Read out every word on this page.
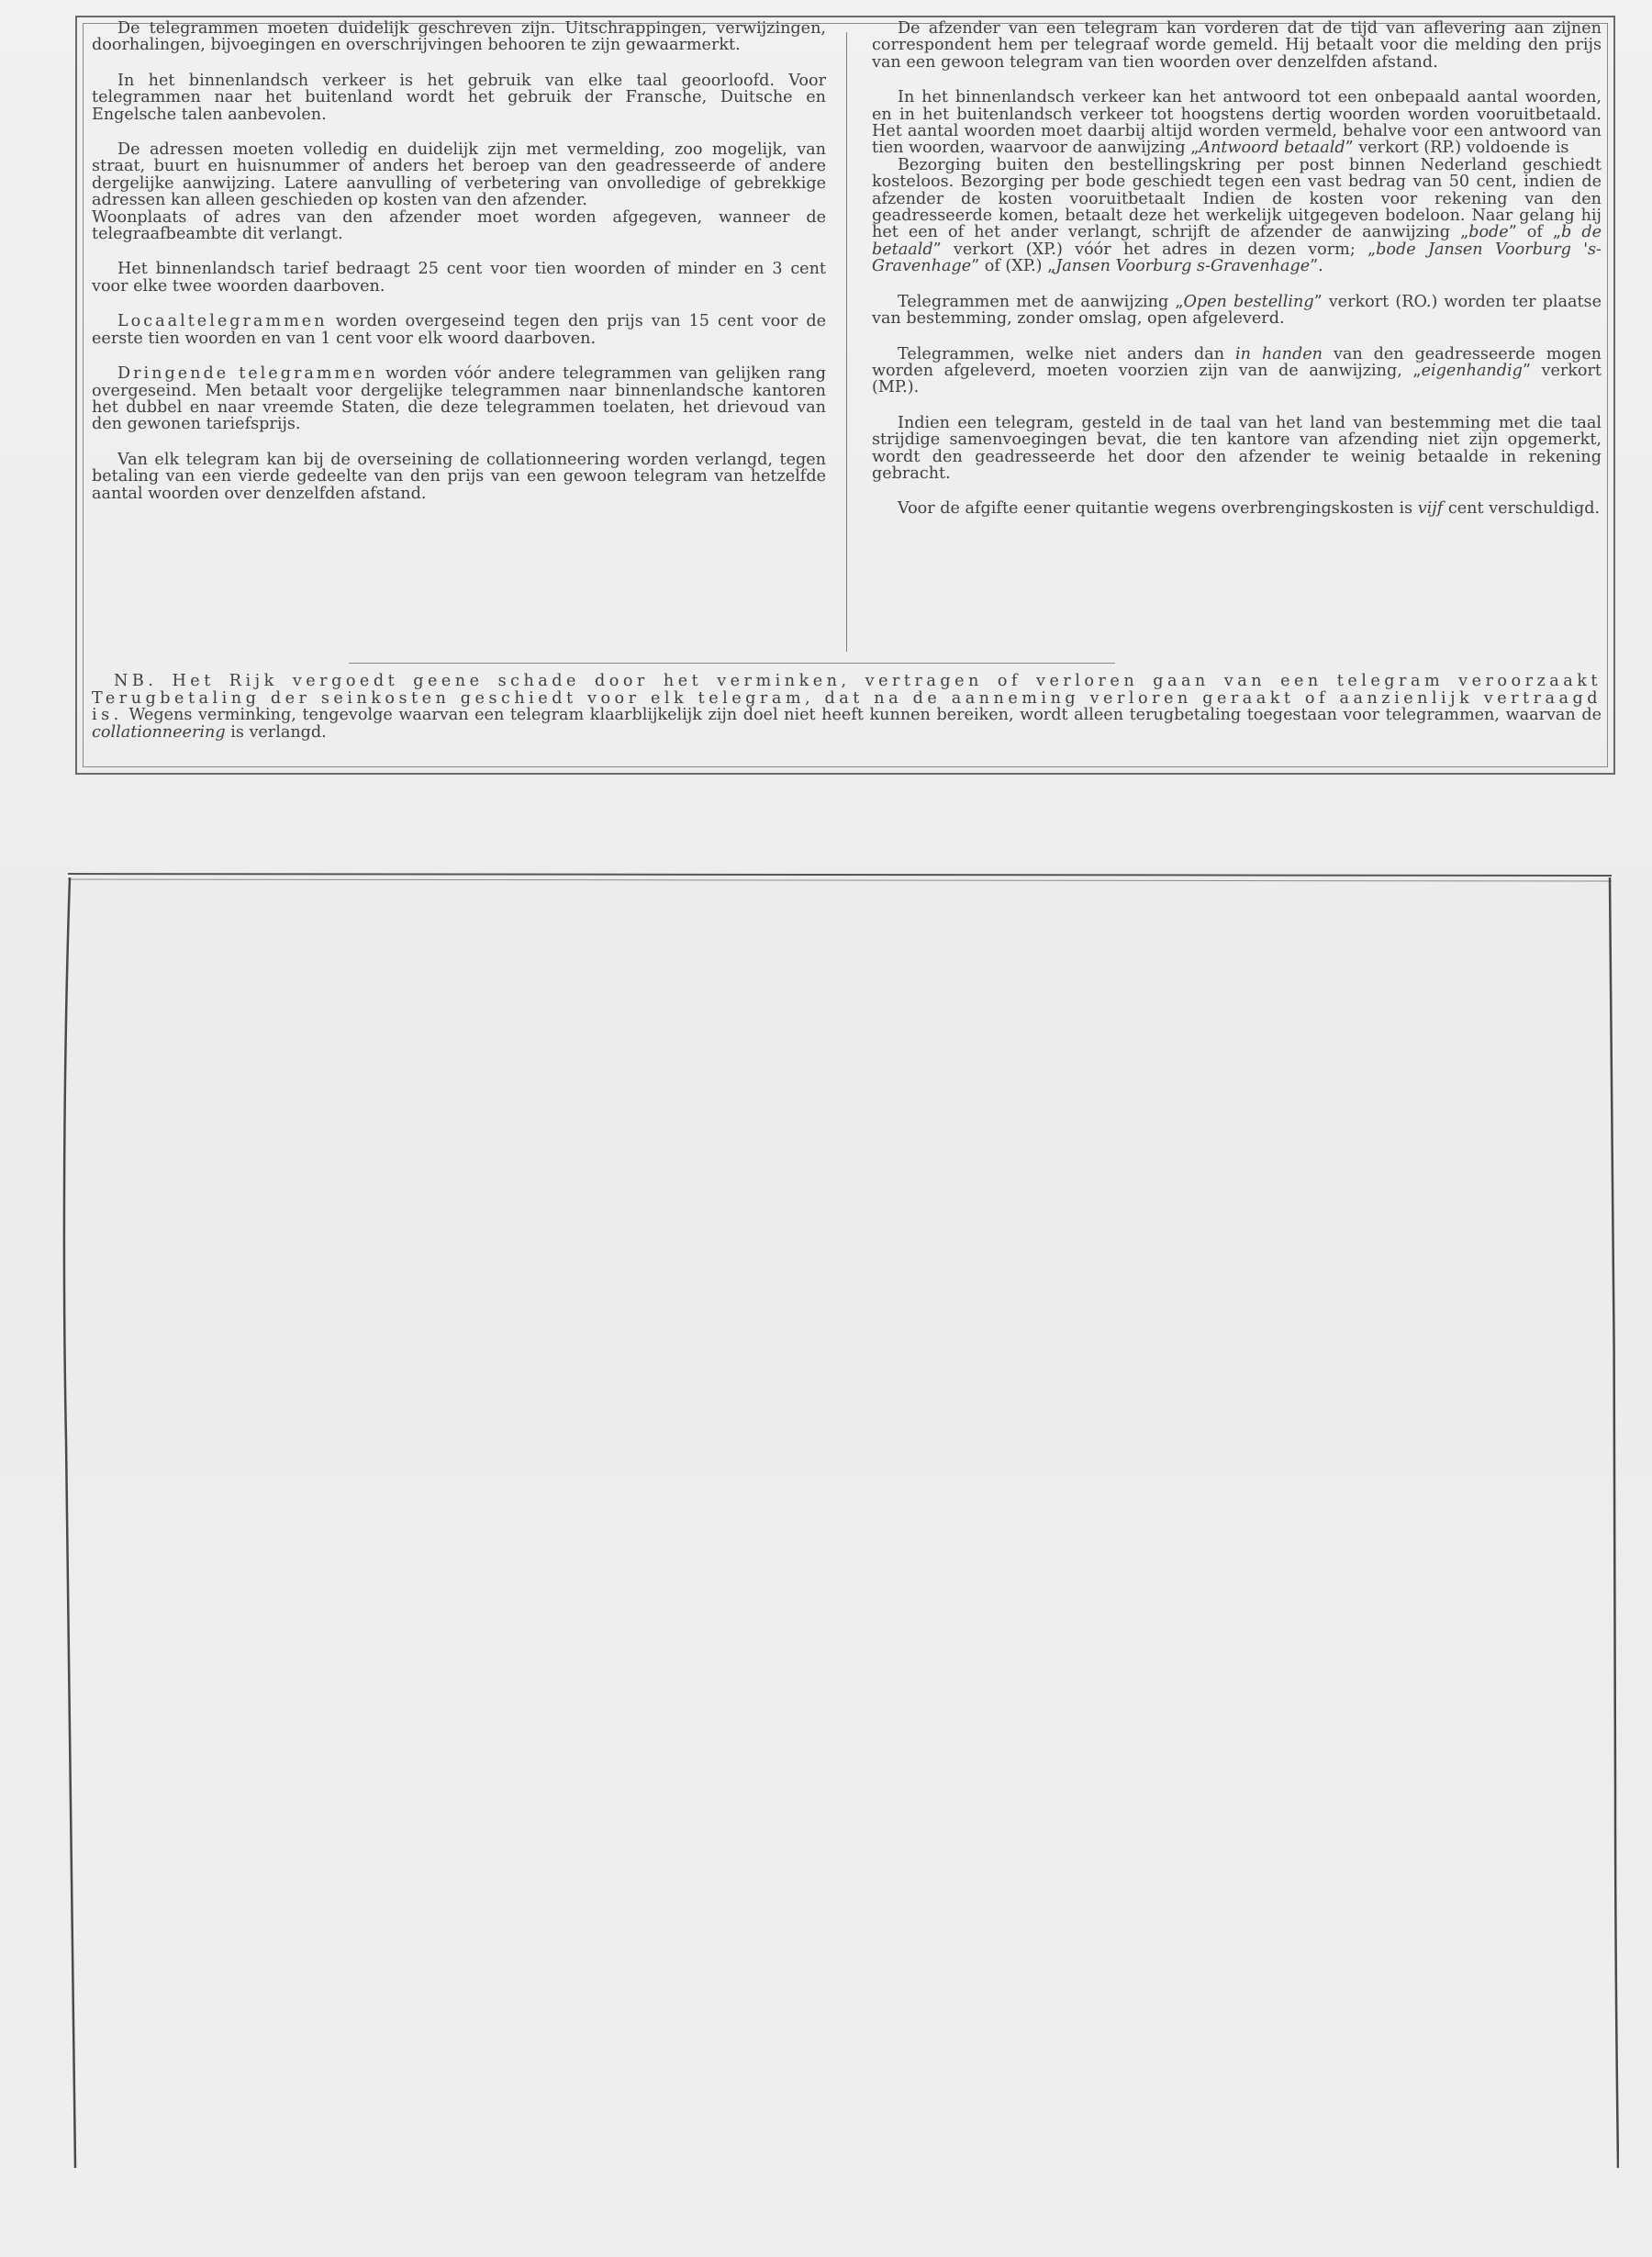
De telegrammen moeten duidelijk geschreven zijn. Uitschrappingen, verwijzingen, doorhalingen, bijvoegingen en overschrijvingen behooren te zijn gewaarmerkt.

In het binnenlandsch verkeer is het gebruik van elke taal geoorloofd. Voor telegrammen naar het buitenland wordt het gebruik der Fransche, Duitsche en Engelsche talen aanbevolen.

De adressen moeten volledig en duidelijk zijn met vermelding, zoo mogelijk, van straat, buurt en huisnummer of anders het beroep van den geadresseerde of andere dergelijke aanwijzing. Latere aanvulling of verbetering van onvolledige of gebrekkige adressen kan alleen geschieden op kosten van den afzender.

Woonplaats of adres van den afzender moet worden afgegeven, wanneer de telegraafbeambte dit verlangt.

Het binnenlandsch tarief bedraagt 25 cent voor tien woorden of minder en 3 cent voor elke twee woorden daarboven.

Locaaltelegrammen worden overgeseind tegen den prijs van 15 cent voor de eerste tien woorden en van 1 cent voor elk woord daarboven.

Dringende telegrammen worden vóór andere telegrammen van gelijken rang overgeseind. Men betaalt voor dergelijke telegrammen naar binnenlandsche kantoren het dubbel en naar vreemde Staten, die deze telegrammen toelaten, het drievoud van den gewonen tariefsprijs.

Van elk telegram kan bij de overseining de collationneering worden verlangd, tegen betaling van een vierde gedeelte van den prijs van een gewoon telegram van hetzelfde aantal woorden over denzelfden afstand.

De afzender van een telegram kan vorderen dat de tijd van aflevering aan zijnen correspondent hem per telegraaf worde gemeld. Hij betaalt voor die melding den prijs van een gewoon telegram van tien woorden over denzelfden afstand.

In het binnenlandsch verkeer kan het antwoord tot een onbepaald aantal woorden, en in het buitenlandsch verkeer tot hoogstens dertig woorden worden vooruitbetaald. Het aantal woorden moet daarbij altijd worden vermeld, behalve voor een antwoord van tien woorden, waarvoor de aanwijzing „Antwoord betaald” verkort (RP.) voldoende is

Bezorging buiten den bestellingskring per post binnen Nederland geschiedt kosteloos. Bezorging per bode geschiedt tegen een vast bedrag van 50 cent, indien de afzender de kosten vooruitbetaalt Indien de kosten voor rekening van den geadresseerde komen, betaalt deze het werkelijk uitgegeven bodeloon. Naar gelang hij het een of het ander verlangt, schrijft de afzender de aanwijzing „bode” of „b de betaald” verkort (XP.) vóór het adres in dezen vorm; „bode Jansen Voorburg 's-Gravenhage” of (XP.) „Jansen Voorburg s-Gravenhage”.

Telegrammen met de aanwijzing „Open bestelling” verkort (RO.) worden ter plaatse van bestemming, zonder omslag, open afgeleverd.

Telegrammen, welke niet anders dan in handen van den geadresseerde mogen worden afgeleverd, moeten voorzien zijn van de aanwijzing, „eigenhandig” verkort (MP.).

Indien een telegram, gesteld in de taal van het land van bestemming met die taal strijdige samenvoegingen bevat, die ten kantore van afzending niet zijn opgemerkt, wordt den geadresseerde het door den afzender te weinig betaalde in rekening gebracht.

Voor de afgifte eener quitantie wegens overbrengingskosten is vijf cent verschuldigd.

NB. Het Rijk vergoedt geene schade door het verminken, vertragen of verloren gaan van een telegram veroorzaakt Terugbetaling der seinkosten geschiedt voor elk telegram, dat na de aanneming verloren geraakt of aanzienlijk vertraagd is. Wegens verminking, tengevolge waarvan een telegram klaarblijkelijk zijn doel niet heeft kunnen bereiken, wordt alleen terugbetaling toegestaan voor telegrammen, waarvan de collationneering is verlangd.
